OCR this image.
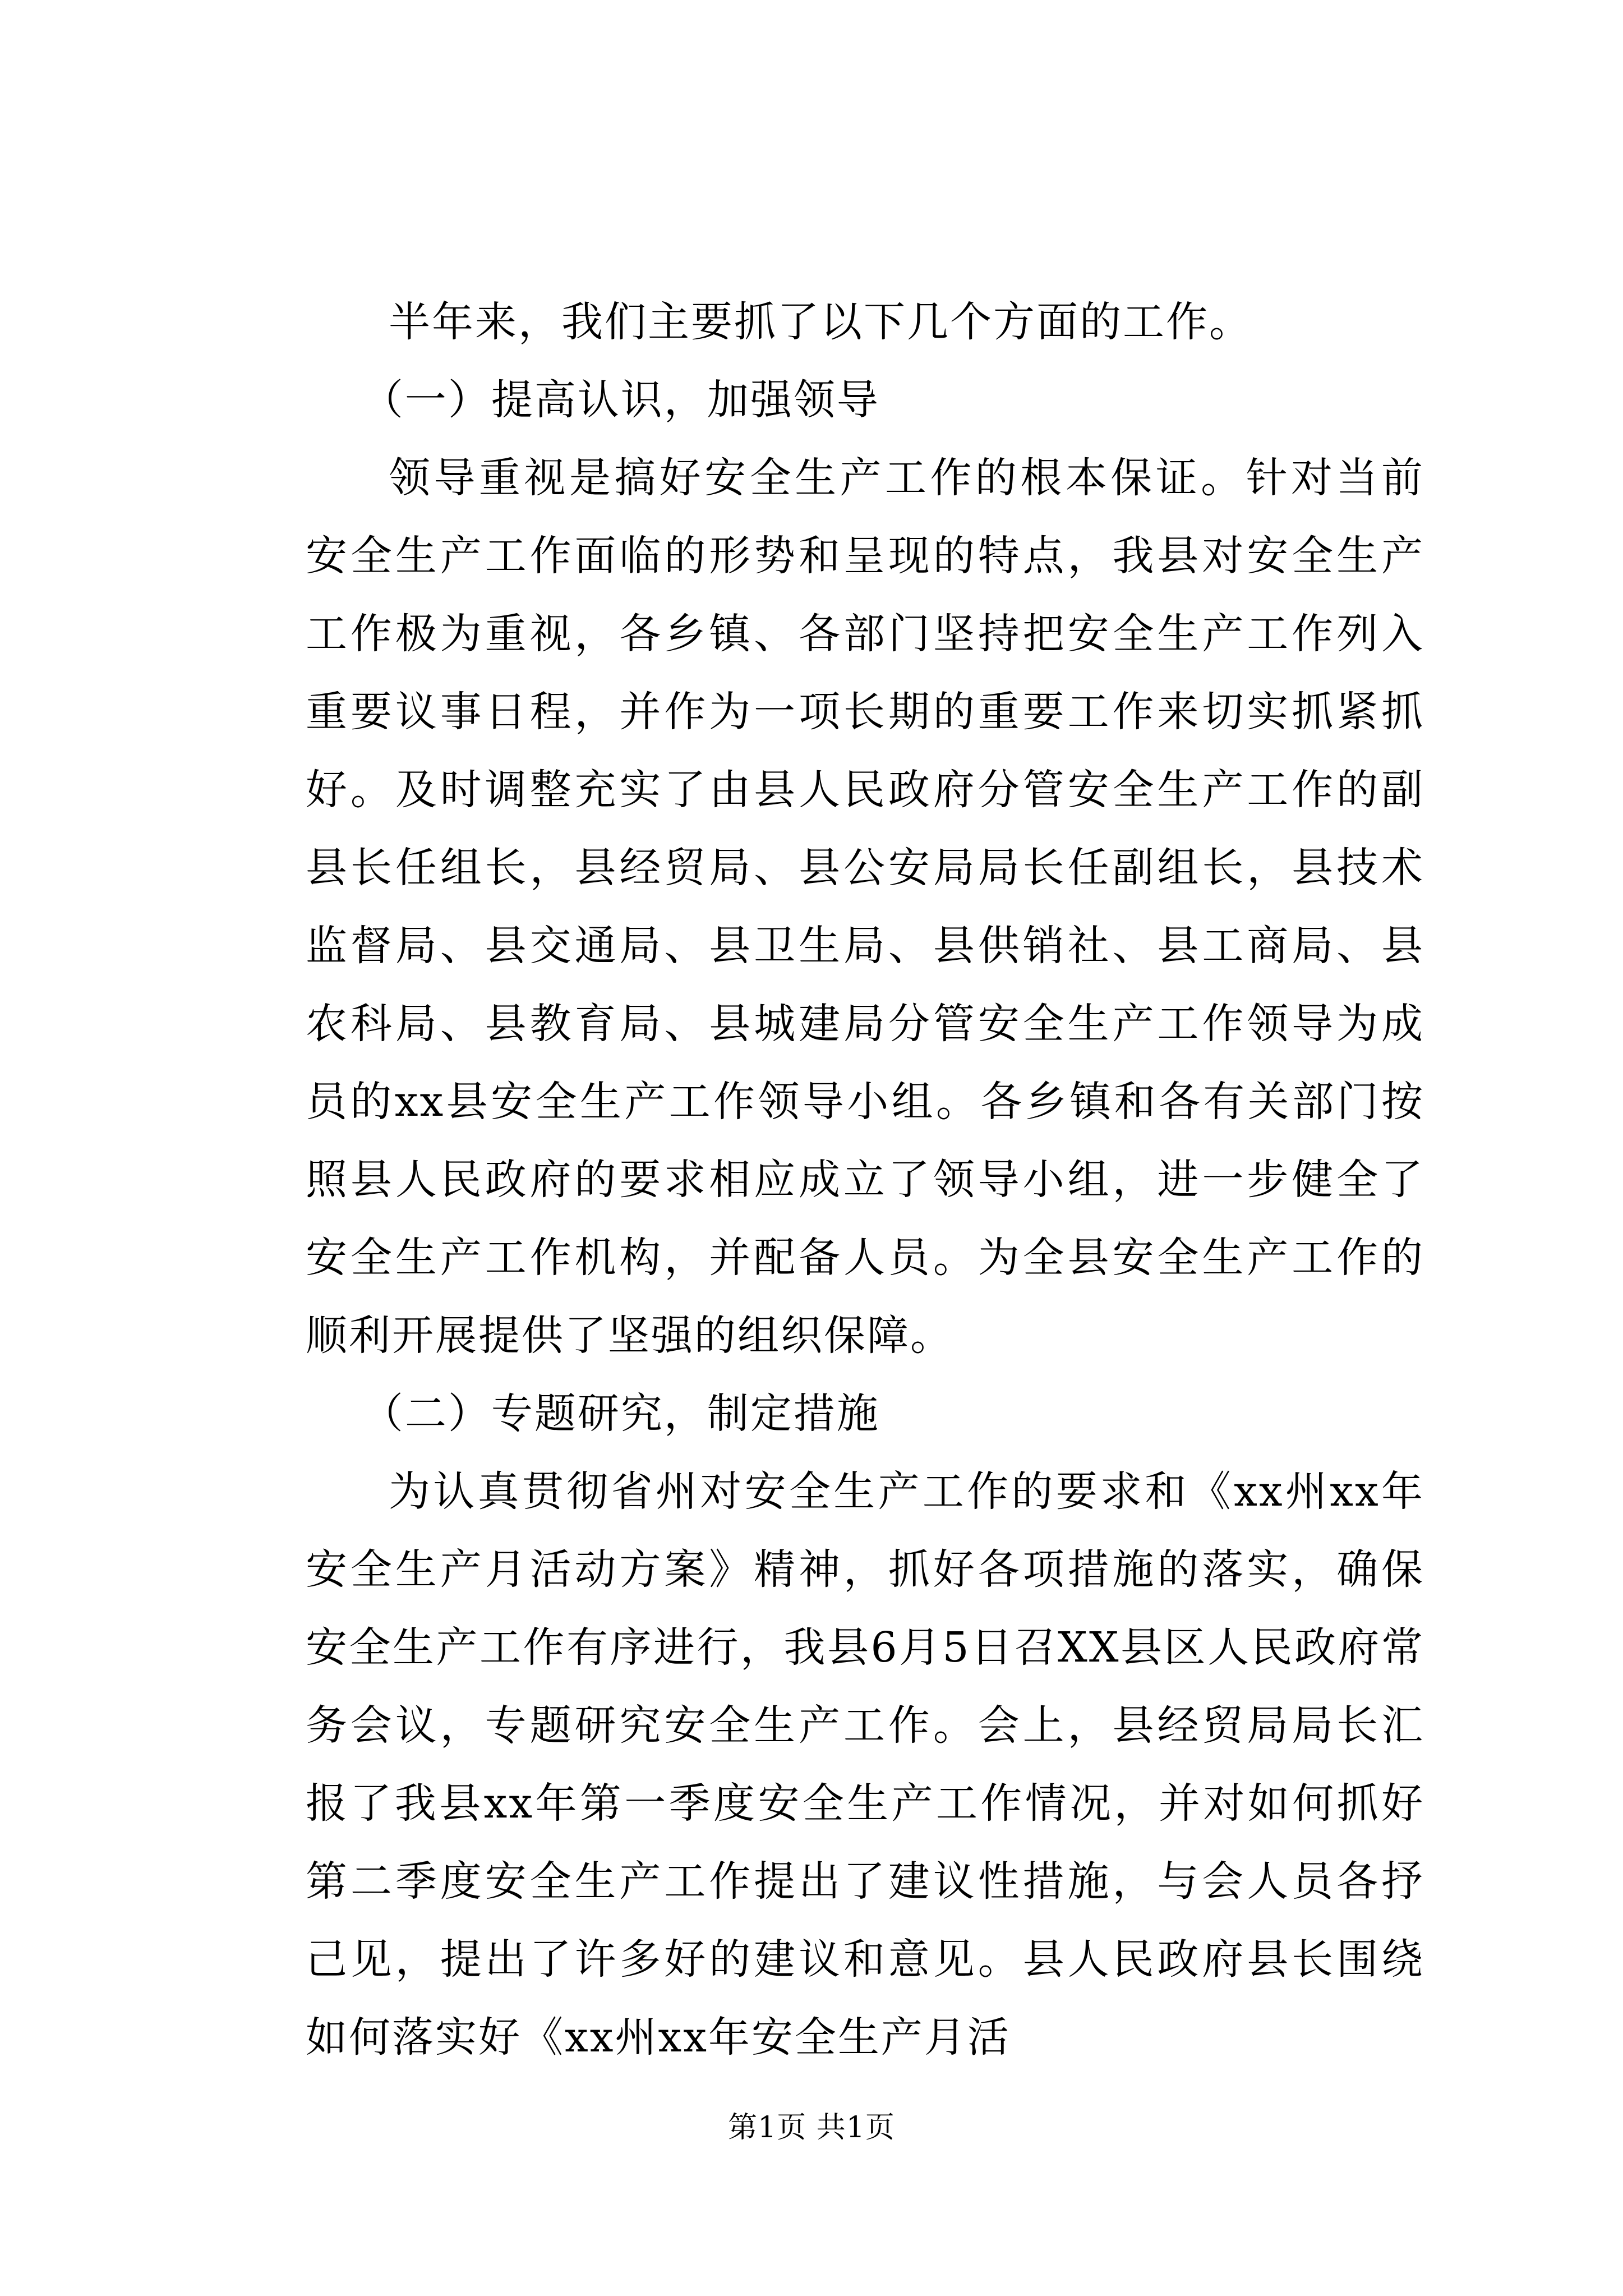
半年来，我们主要抓了以下几个方面的工作。

（一）提高认识，加强领导

领导重视是搞好安全生产工作的根本保证。针对当前安全生产工作面临的形势和呈现的特点，我县对安全生产工作极为重视，各乡镇、各部门坚持把安全生产工作列入重要议事日程，并作为一项长期的重要工作来切实抓紧抓好。及时调整充实了由县人民政府分管安全生产工作的副县长任组长，县经贸局、县公安局局长任副组长，县技术监督局、县交通局、县卫生局、县供销社、县工商局、县农科局、县教育局、县城建局分管安全生产工作领导为成员的xx县安全生产工作领导小组。各乡镇和各有关部门按照县人民政府的要求相应成立了领导小组，进一步健全了安全生产工作机构，并配备人员。为全县安全生产工作的顺利开展提供了坚强的组织保障。

（二）专题研究，制定措施

为认真贯彻省州对安全生产工作的要求和《xx州xx年安全生产月活动方案》精神，抓好各项措施的落实，确保安全生产工作有序进行，我县6月5日召XX县区人民政府常务会议，专题研究安全生产工作。会上，县经贸局局长汇报了我县xx年第一季度安全生产工作情况，并对如何抓好第二季度安全生产工作提出了建议性措施，与会人员各抒己见，提出了许多好的建议和意见。县人民政府县长围绕如何落实好《xx州xx年安全生产月活

第1页 共1页
